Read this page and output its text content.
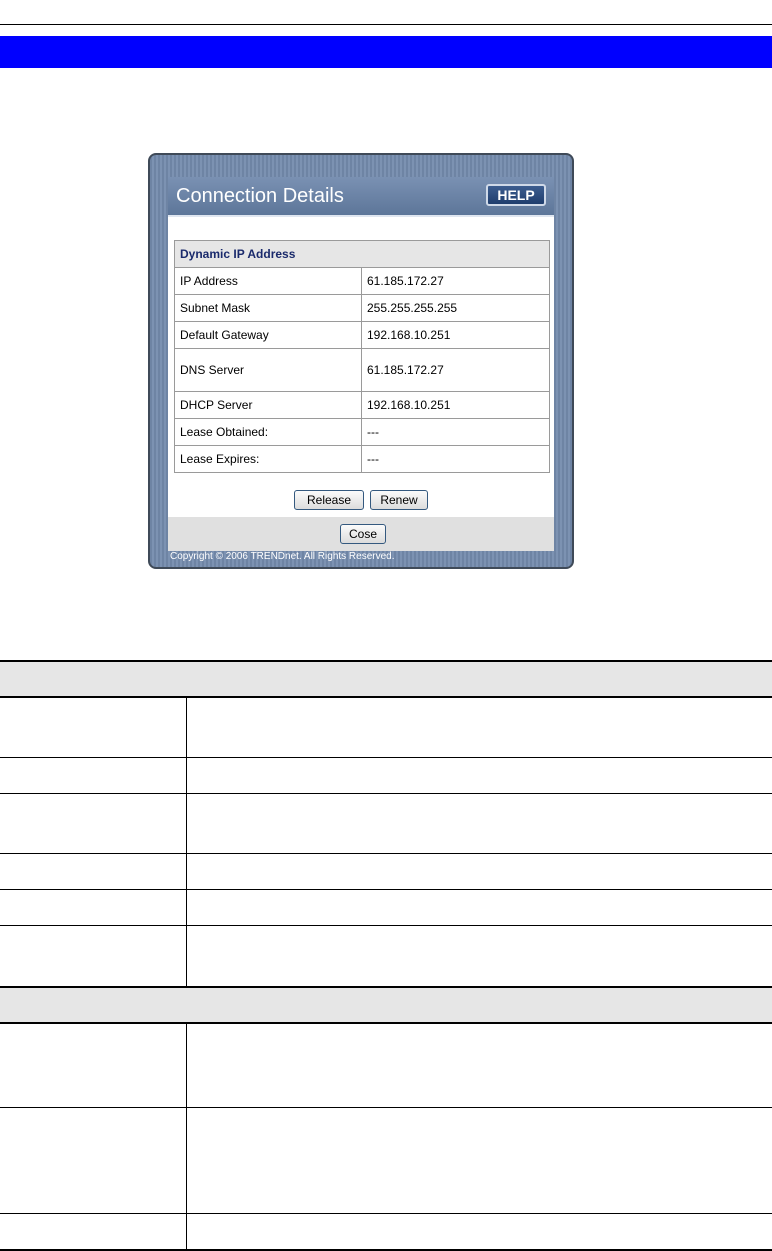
Connection Details	HELP
Dynamic IP Address	
IP Address	61.185.172.27
Subnet Mask	255.255.255.255
Default Gateway	192.168.10.251
DNS Server	61.185.172.27
DHCP Server	192.168.10.251
Lease Obtained:	---
Lease Expires:	---
Release	Renew
Cose
Copyright © 2006 TRENDnet. All Rights Reserved.
